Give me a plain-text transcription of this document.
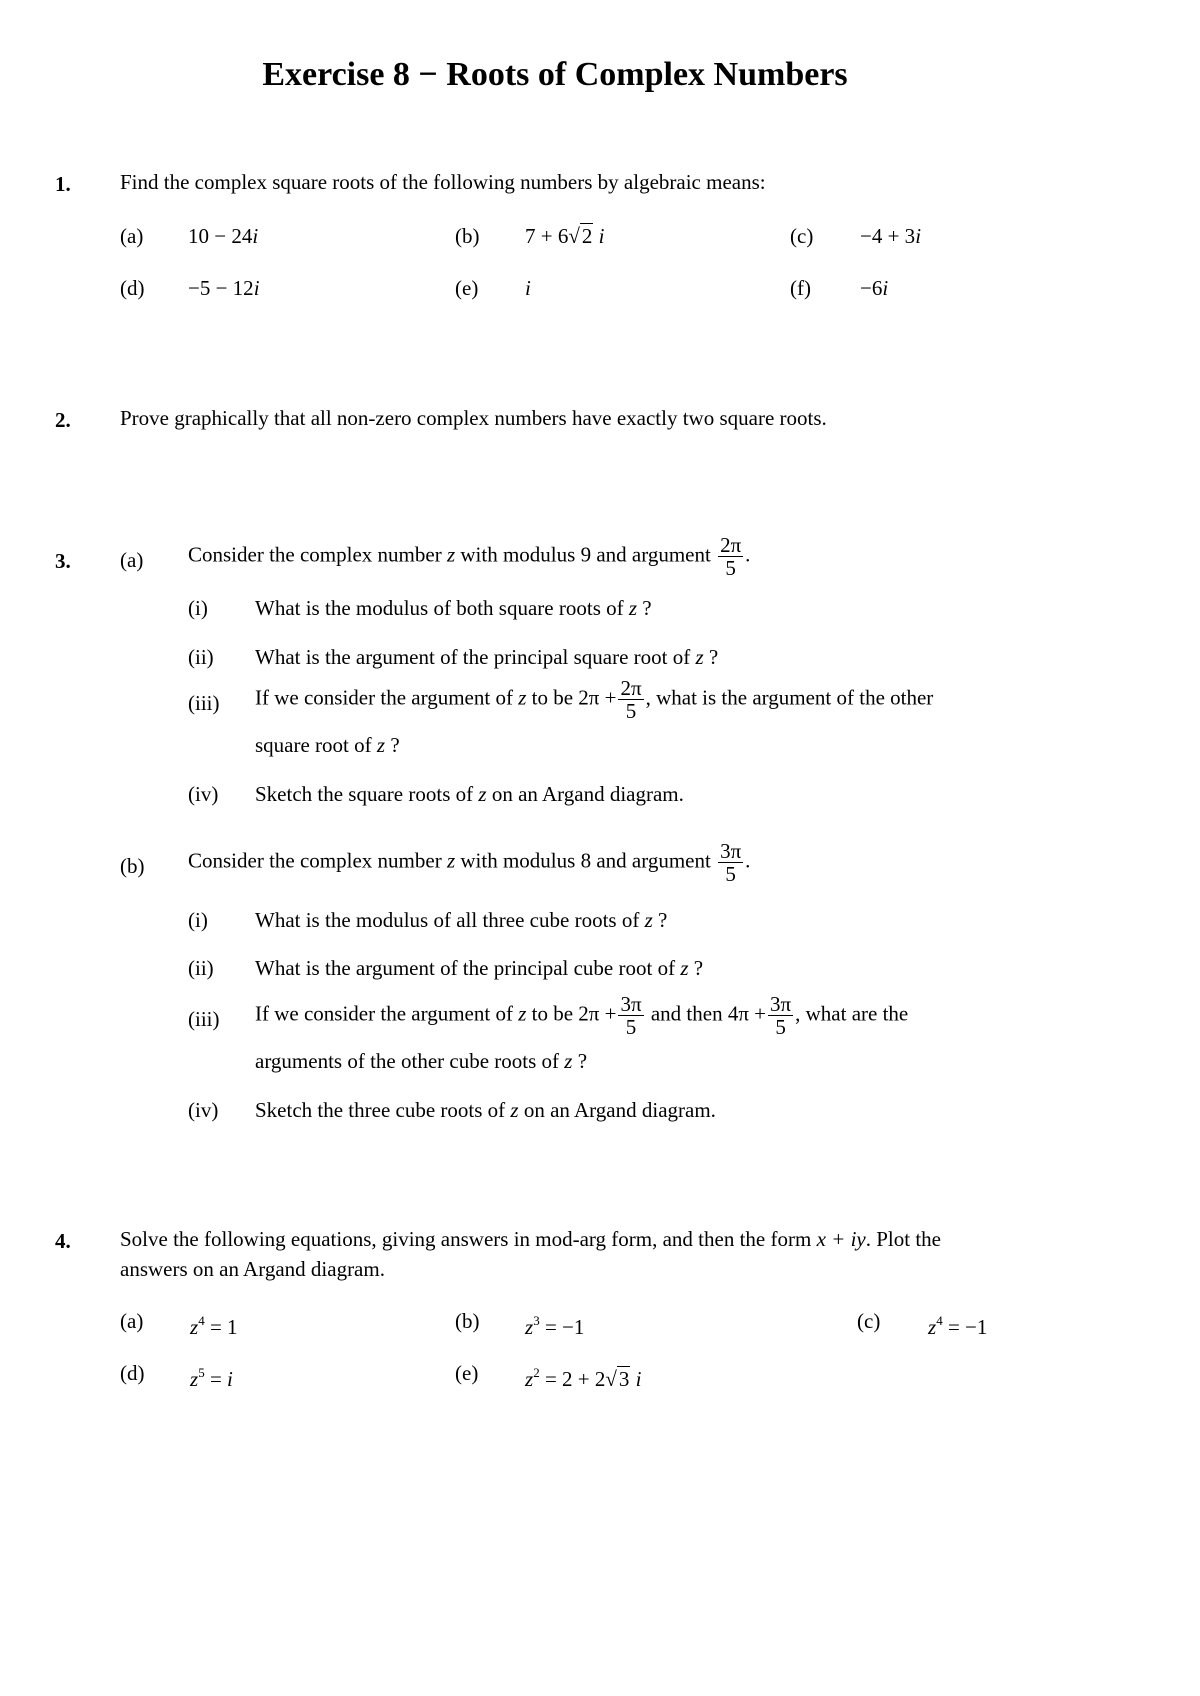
Exercise 8 − Roots of Complex Numbers
1. Find the complex square roots of the following numbers by algebraic means:
(a) 10 − 24i	(b) 7 + 6√2 i	(c) −4 + 3i
(d) −5 − 12i	(e) i	(f) −6i
2. Prove graphically that all non-zero complex numbers have exactly two square roots.
3. (a) Consider the complex number z with modulus 9 and argument $\frac{2\pi}{5}$ .
(i) What is the modulus of both square roots of z ?
(ii) What is the argument of the principal square root of z ?
(iii) If we consider the argument of z to be $2\pi + \frac{2\pi}{5}$ , what is the argument of the other
square root of z ?
(iv) Sketch the square roots of z on an Argand diagram.
(b) Consider the complex number z with modulus 8 and argument $\frac{3\pi}{5}$ .
(i) What is the modulus of all three cube roots of z ?
(ii) What is the argument of the principal cube root of z ?
(iii) If we consider the argument of z to be $2\pi + \frac{3\pi}{5}$ and then $4\pi + \frac{3\pi}{5}$ , what are the
arguments of the other cube roots of z ?
(iv) Sketch the three cube roots of z on an Argand diagram.
4. Solve the following equations, giving answers in mod-arg form, and then the form x + iy. Plot the
answers on an Argand diagram.
(a) $z^4 = 1$	(b) $z^3 = -1$	(c) $z^4 = -1$
(d) $z^5 = i$	(e) $z^2 = 2 + 2√3$ i
